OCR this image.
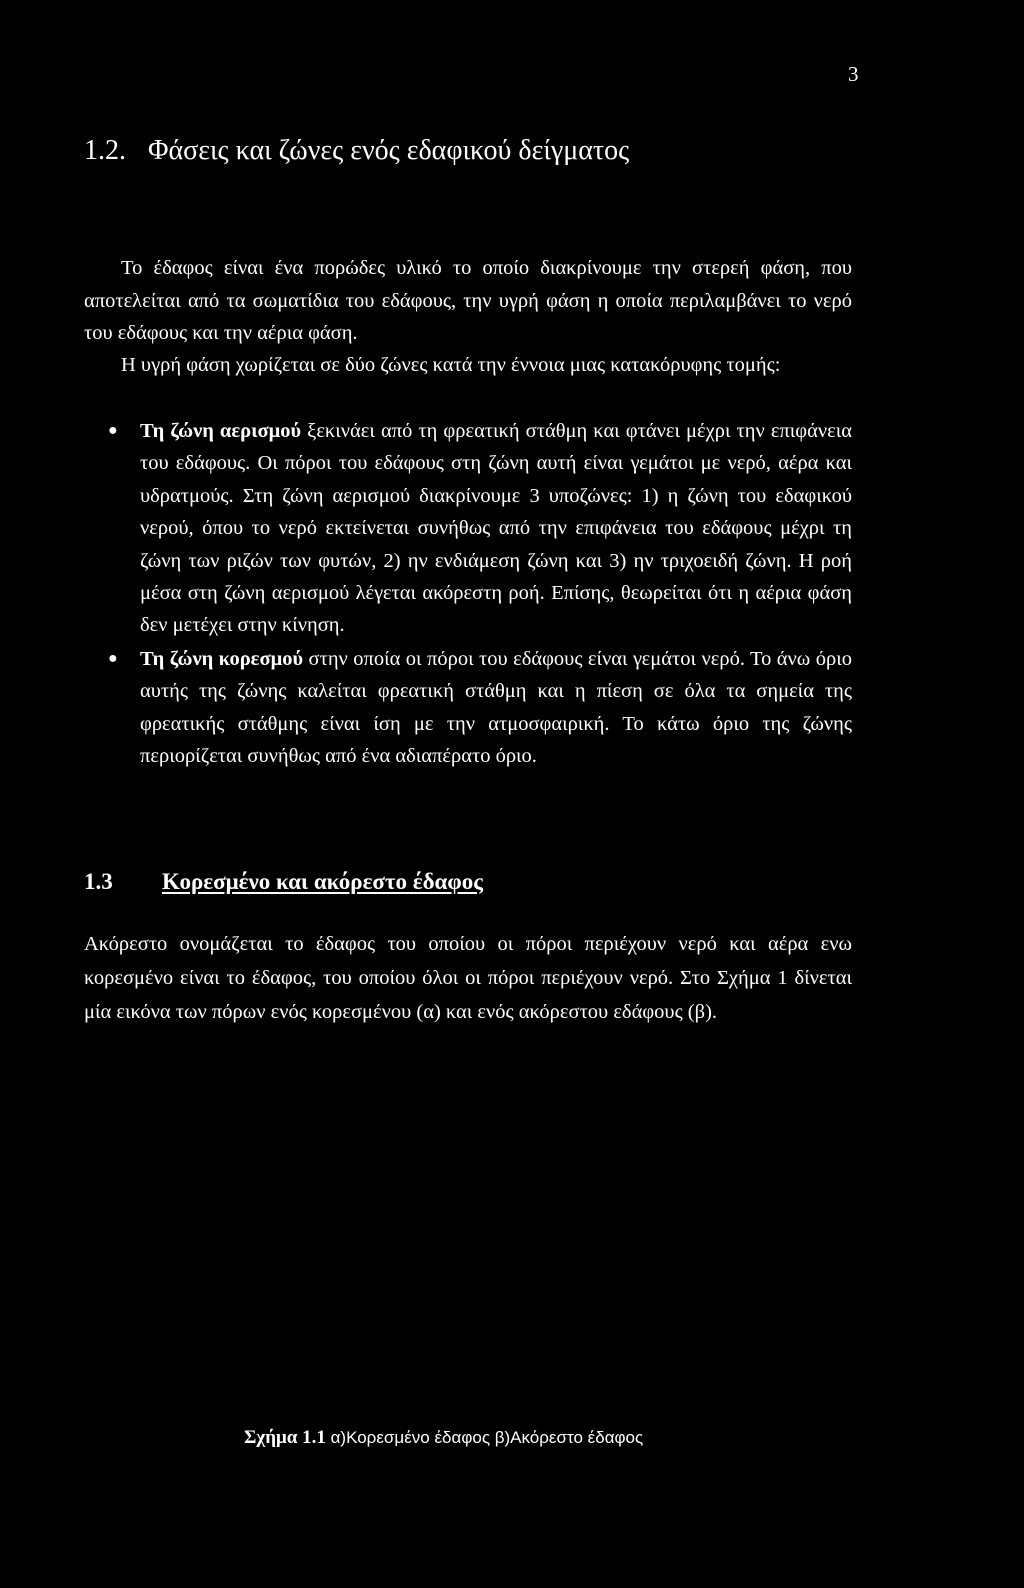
3
1.2. Φάσεις και ζώνες ενός εδαφικού δείγματος

Το έδαφος είναι ένα πορώδες υλικό το οποίο διακρίνουμε την στερεή φάση, που αποτελείται από τα σωματίδια του εδάφους, την υγρή φάση η οποία περιλαμβάνει το νερό του εδάφους και την αέρια φάση.

Η υγρή φάση χωρίζεται σε δύο ζώνες κατά την έννοια μιας κατακόρυφης τομής:

● Τη ζώνη αερισμού ξεκινάει από τη φρεατική στάθμη και φτάνει μέχρι την επιφάνεια του εδάφους. Οι πόροι του εδάφους στη ζώνη αυτή είναι γεμάτοι με νερό, αέρα και υδρατμούς. Στη ζώνη αερισμού διακρίνουμε 3 υποζώνες: 1) η ζώνη του εδαφικού νερού, όπου το νερό εκτείνεται συνήθως από την επιφάνεια του εδάφους μέχρι τη ζώνη των ριζών των φυτών, 2) ην ενδιάμεση ζώνη και 3) ην τριχοειδή ζώνη. Η ροή μέσα στη ζώνη αερισμού λέγεται ακόρεστη ροή. Επίσης, θεωρείται ότι η αέρια φάση δεν μετέχει στην κίνηση.
● Τη ζώνη κορεσμού στην οποία οι πόροι του εδάφους είναι γεμάτοι νερό. Το άνω όριο αυτής της ζώνης καλείται φρεατική στάθμη και η πίεση σε όλα τα σημεία της φρεατικής στάθμης είναι ίση με την ατμοσφαιρική. Το κάτω όριο της ζώνης περιορίζεται συνήθως από ένα αδιαπέρατο όριο.
1.3 Κορεσμένο και ακόρεστο έδαφος

Ακόρεστο ονομάζεται το έδαφος του οποίου οι πόροι περιέχουν νερό και αέρα ενω κορεσμένο είναι το έδαφος, του οποίου όλοι οι πόροι περιέχουν νερό. Στο Σχήμα 1 δίνεται μία εικόνα των πόρων ενός κορεσμένου (α) και ενός ακόρεστου εδάφους (β).

Σχήμα 1.1 α)Κορεσμένο έδαφος β)Ακόρεστο έδαφος
